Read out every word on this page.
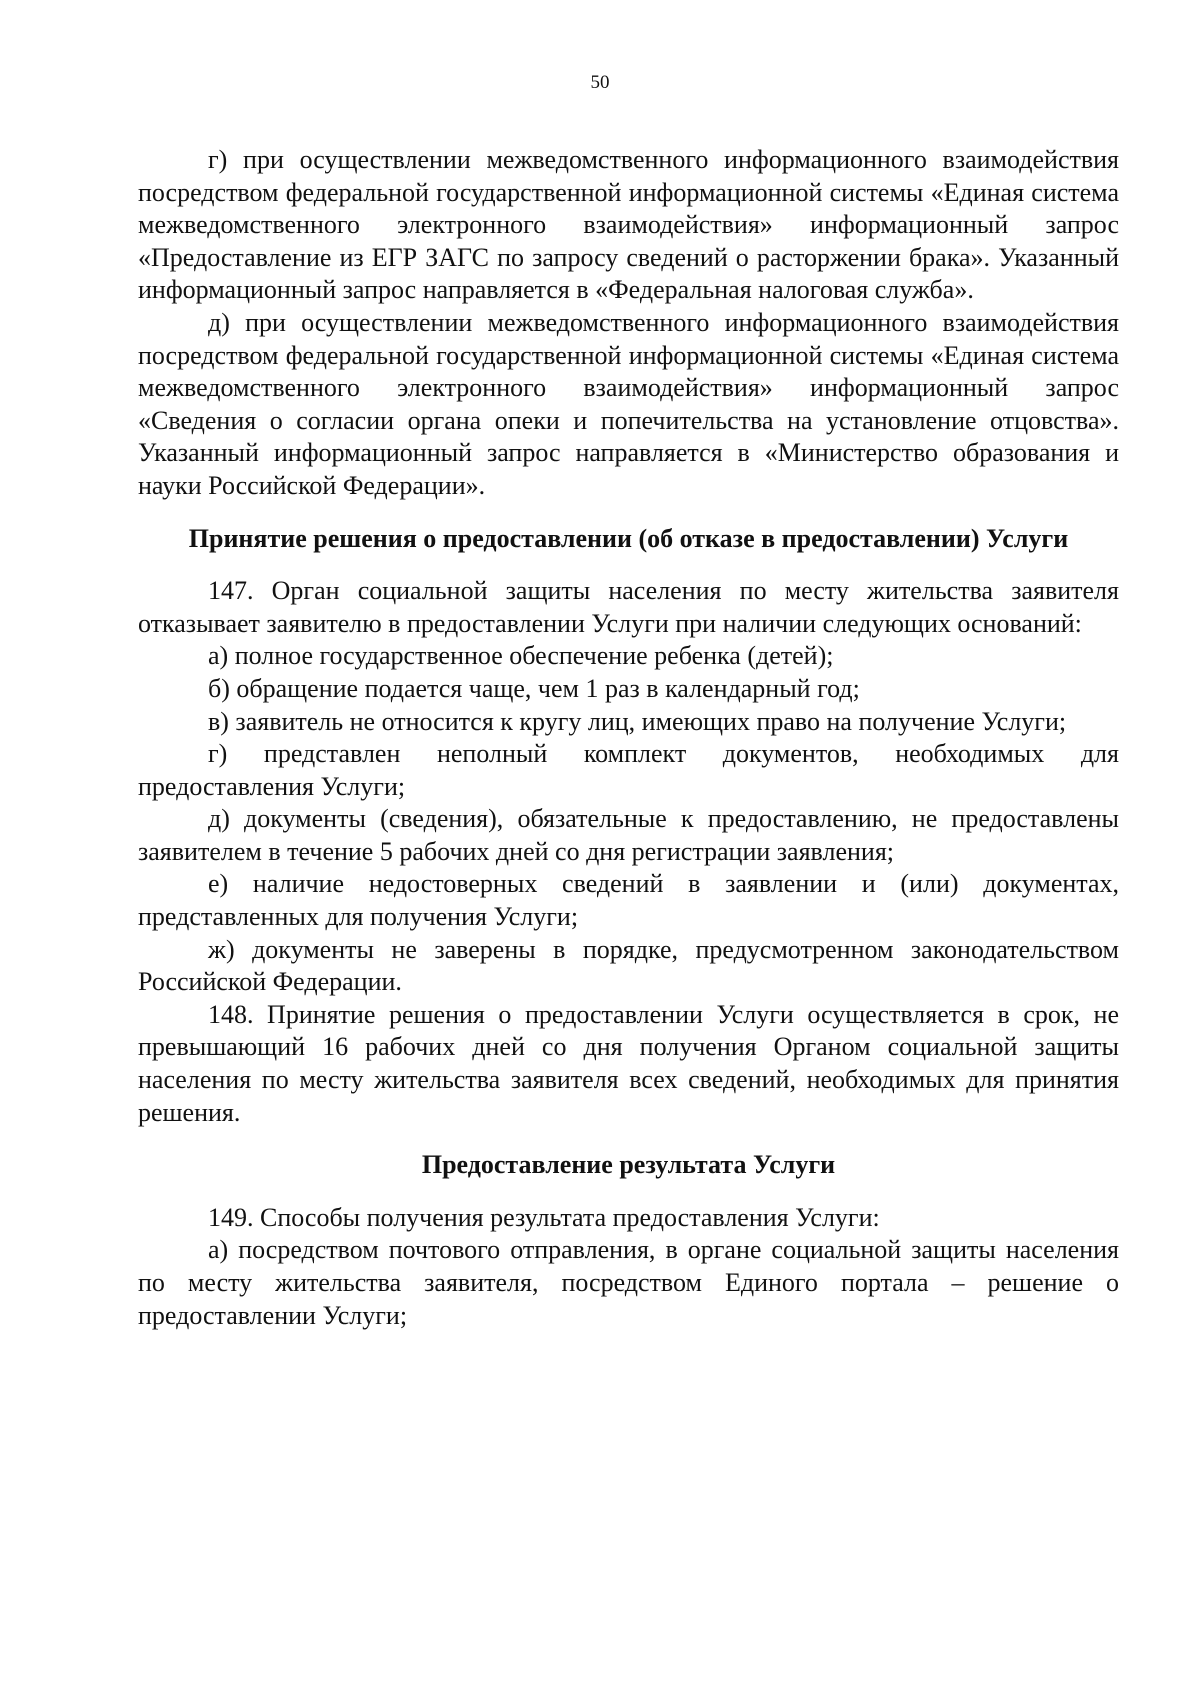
50

г) при осуществлении межведомственного информационного взаимодействия посредством федеральной государственной информационной системы «Единая система межведомственного электронного взаимодействия» информационный запрос «Предоставление из ЕГР ЗАГС по запросу сведений о расторжении брака». Указанный информационный запрос направляется в «Федеральная налоговая служба».

д) при осуществлении межведомственного информационного взаимодействия посредством федеральной государственной информационной системы «Единая система межведомственного электронного взаимодействия» информационный запрос «Сведения о согласии органа опеки и попечительства на установление отцовства». Указанный информационный запрос направляется в «Министерство образования и науки Российской Федерации».

Принятие решения о предоставлении (об отказе в предоставлении) Услуги

147. Орган социальной защиты населения по месту жительства заявителя отказывает заявителю в предоставлении Услуги при наличии следующих оснований:

а) полное государственное обеспечение ребенка (детей);

б) обращение подается чаще, чем 1 раз в календарный год;

в) заявитель не относится к кругу лиц, имеющих право на получение Услуги;

г) представлен неполный комплект документов, необходимых для предоставления Услуги;

д) документы (сведения), обязательные к предоставлению, не предоставлены заявителем в течение 5 рабочих дней со дня регистрации заявления;

е) наличие недостоверных сведений в заявлении и (или) документах, представленных для получения Услуги;

ж) документы не заверены в порядке, предусмотренном законодательством Российской Федерации.

148. Принятие решения о предоставлении Услуги осуществляется в срок, не превышающий 16 рабочих дней со дня получения Органом социальной защиты населения по месту жительства заявителя всех сведений, необходимых для принятия решения.

Предоставление результата Услуги

149. Способы получения результата предоставления Услуги:

а) посредством почтового отправления, в органе социальной защиты населения по месту жительства заявителя, посредством Единого портала – решение о предоставлении Услуги;
